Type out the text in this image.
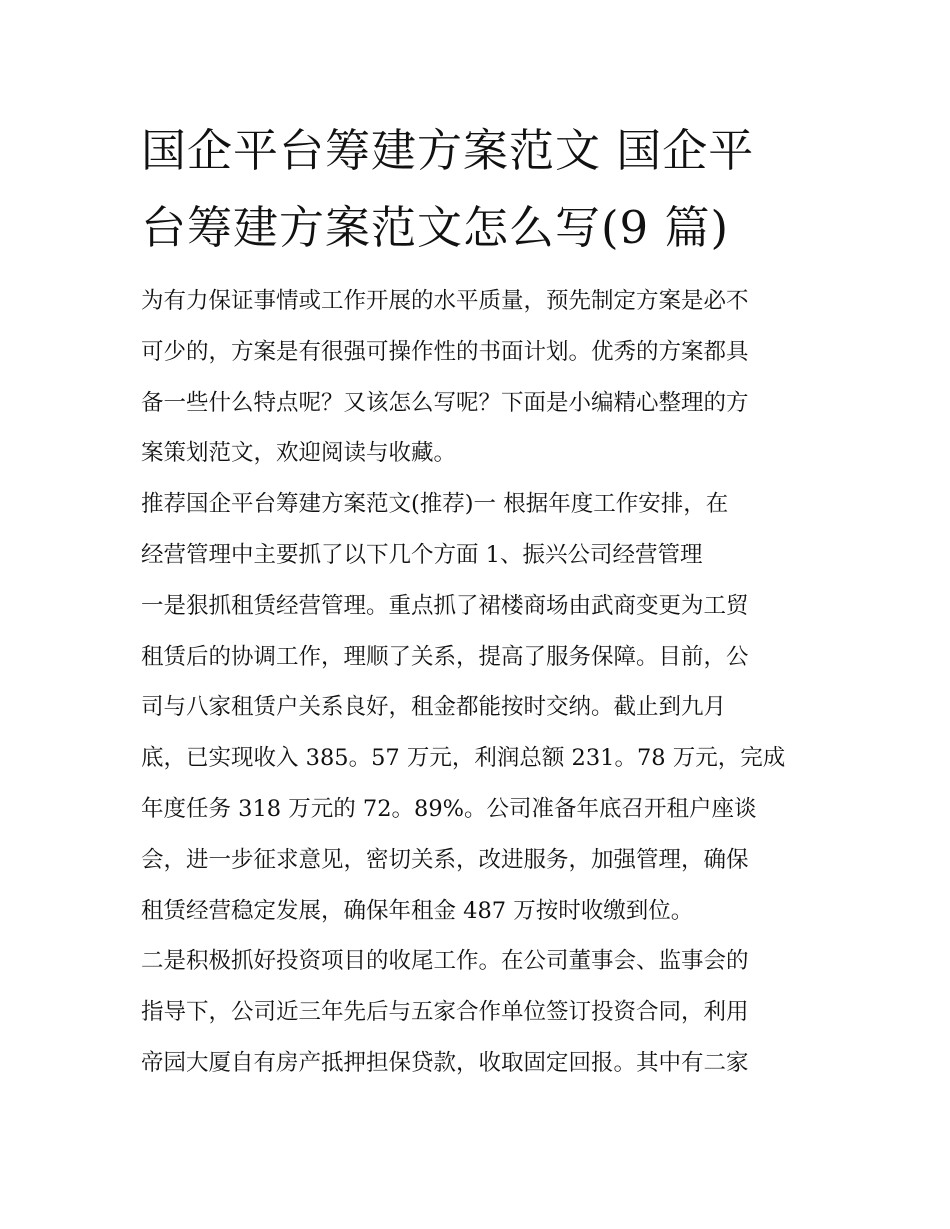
国企平台筹建方案范文 国企平
台筹建方案范文怎么写(9 篇)

为有力保证事情或工作开展的水平质量，预先制定方案是必不
可少的，方案是有很强可操作性的书面计划。优秀的方案都具
备一些什么特点呢？又该怎么写呢？下面是小编精心整理的方
案策划范文，欢迎阅读与收藏。

推荐国企平台筹建方案范文(推荐)一 根据年度工作安排，在
经营管理中主要抓了以下几个方面 1、振兴公司经营管理

一是狠抓租赁经营管理。重点抓了裙楼商场由武商变更为工贸
租赁后的协调工作，理顺了关系，提高了服务保障。目前，公
司与八家租赁户关系良好，租金都能按时交纳。截止到九月
底，已实现收入 385。57 万元，利润总额 231。78 万元，完成
年度任务 318 万元的 72。89%。公司准备年底召开租户座谈
会，进一步征求意见，密切关系，改进服务，加强管理，确保
租赁经营稳定发展，确保年租金 487 万按时收缴到位。

二是积极抓好投资项目的收尾工作。在公司董事会、监事会的
指导下，公司近三年先后与五家合作单位签订投资合同，利用
帝园大厦自有房产抵押担保贷款，收取固定回报。其中有二家
